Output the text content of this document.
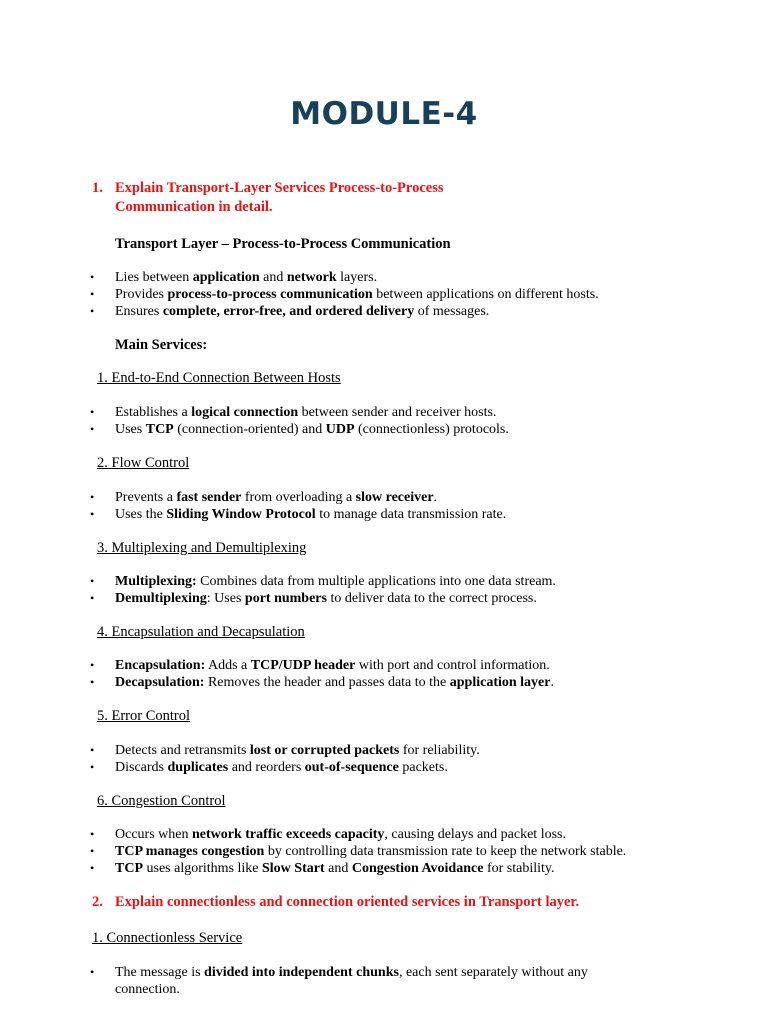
MODULE-4
1. Explain Transport-Layer Services Process-to-Process
Communication in detail.
Transport Layer – Process-to-Process Communication
• Lies between application and network layers.
• Provides process-to-process communication between applications on different hosts.
• Ensures complete, error-free, and ordered delivery of messages.
Main Services:
1. End-to-End Connection Between Hosts
• Establishes a logical connection between sender and receiver hosts.
• Uses TCP (connection-oriented) and UDP (connectionless) protocols.
2. Flow Control
• Prevents a fast sender from overloading a slow receiver.
• Uses the Sliding Window Protocol to manage data transmission rate.
3. Multiplexing and Demultiplexing
• Multiplexing: Combines data from multiple applications into one data stream.
• Demultiplexing: Uses port numbers to deliver data to the correct process.
4. Encapsulation and Decapsulation
• Encapsulation: Adds a TCP/UDP header with port and control information.
• Decapsulation: Removes the header and passes data to the application layer.
5. Error Control
• Detects and retransmits lost or corrupted packets for reliability.
• Discards duplicates and reorders out-of-sequence packets.
6. Congestion Control
• Occurs when network traffic exceeds capacity, causing delays and packet loss.
• TCP manages congestion by controlling data transmission rate to keep the network stable.
• TCP uses algorithms like Slow Start and Congestion Avoidance for stability.
2. Explain connectionless and connection oriented services in Transport layer.
1. Connectionless Service
• The message is divided into independent chunks, each sent separately without any connection.
